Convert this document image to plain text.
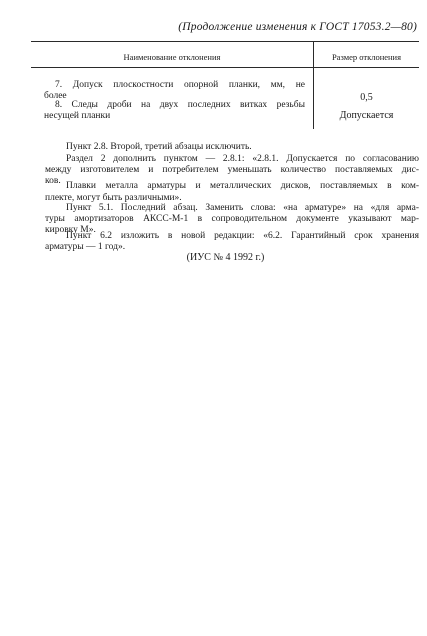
(Продолжение изменения к ГОСТ 17053.2—80)
Наименование отклонения	Размер отклонения
7. Допуск плоскостности опорной планки, мм, не
более	0,5
8. Следы дроби на двух последних витках резьбы
несущей планки	Допускается
Пункт 2.8. Второй, третий абзацы исключить.
Раздел 2 дополнить пунктом — 2.8.1: «2.8.1. Допускается по согласованию
между изготовителем и потребителем уменьшать количество поставляемых дис-
ков. Плавки металла арматуры и металлических дисков, поставляемых в ком-
плекте, могут быть различными».
Пункт 5.1. Последний абзац. Заменить слова: «на арматуре» на «для арма-
туры амортизаторов АКСС-М-1 в сопроводительном документе указывают мар-
кировку М».
Пункт 6.2 изложить в новой редакции: «6.2. Гарантийный срок хранения
арматуры — 1 год».
(ИУС № 4 1992 г.)
